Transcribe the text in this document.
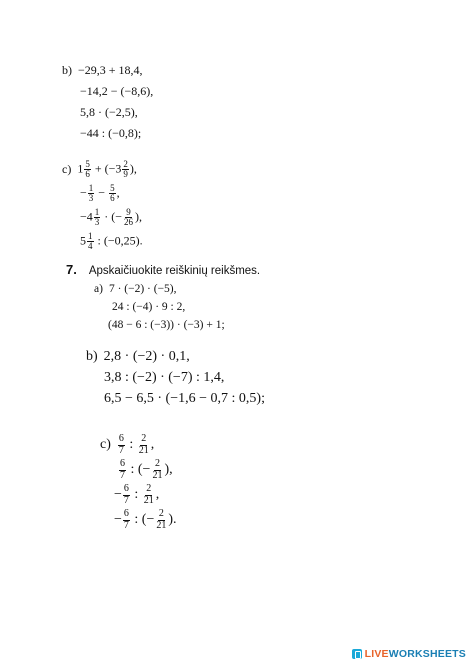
b) −29,3 + 18,4,
−14,2 − (−8,6),
5,8 · (−2,5),
−44 : (−0,8);
c) $1 \frac{5}{6} + (-3 \frac{2}{9}$ ),
− $\frac{1}{3} - \frac{5}{6}$ ,
$-4 \frac{1}{3}$ · (− $\frac{9}{26}$ ),
$5 \frac{1}{4}$ : (−0,25).
7. Apskaičiuokite reiškinių reikšmes.
a) 7 · (−2) · (−5),
24 : (−4) · 9 : 2,
(48 − 6 : (−3)) · (−3) + 1;
b) 2,8 · (−2) · 0,1,
3,8 : (−2) · (−7) : 1,4,
6,5 − 6,5 · (−1,6 − 0,7 : 0,5);
$c) \frac{6}{7}$ : $\frac{2}{21}$ ,
$\frac{6}{7}$ : (− $\frac{2}{21}$ ),
− $\frac{6}{7}$ : $\frac{2}{21}$ ,
− $\frac{6}{7}$ : (− $\frac{2}{21}$ ).
LIVEWORKSHEETS
